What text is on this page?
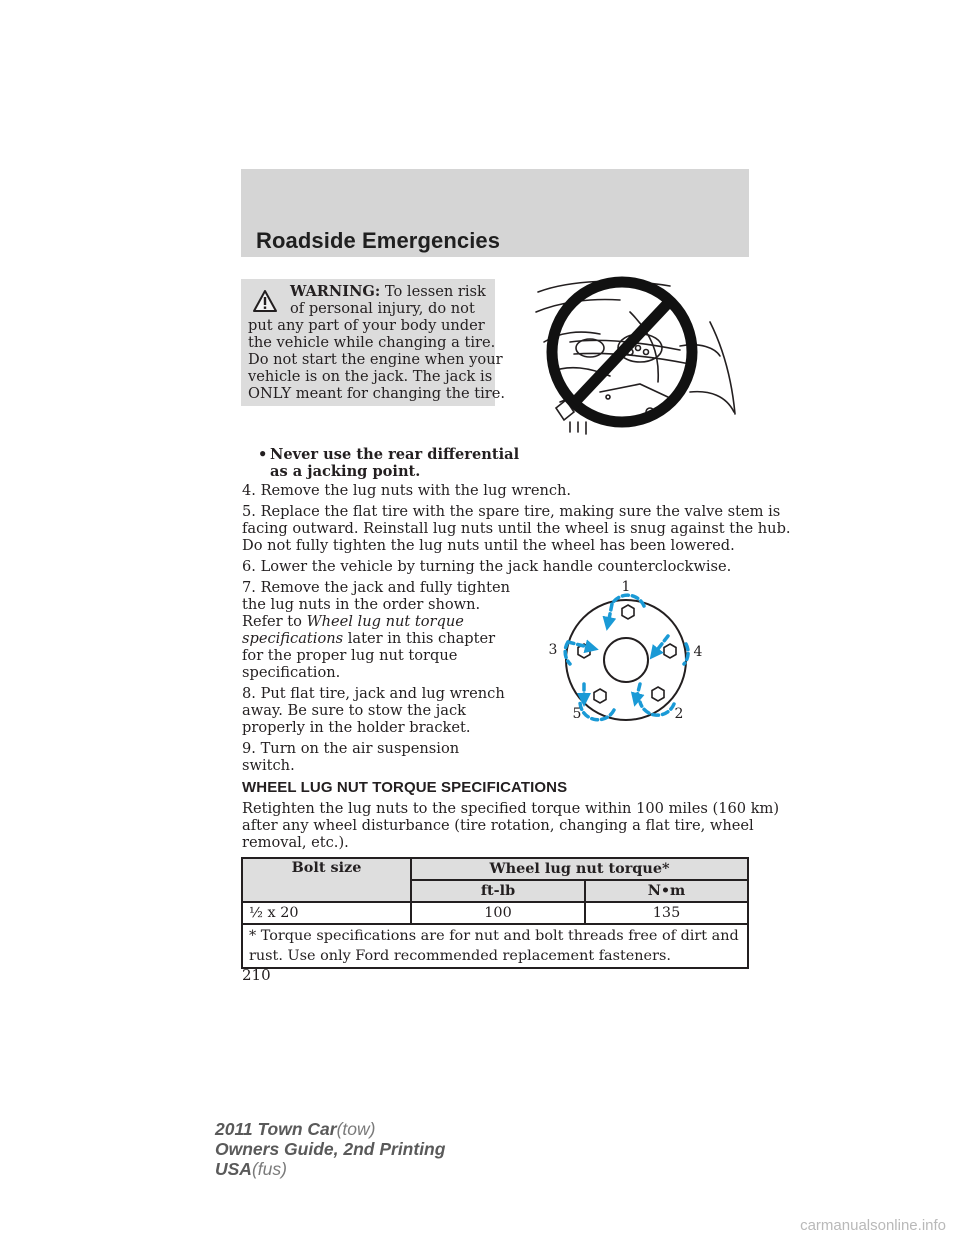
Roadside Emergencies
WARNING: To lessen risk
of personal injury, do not
put any part of your body under
the vehicle while changing a tire.
Do not start the engine when your
vehicle is on the jack. The jack is
ONLY meant for changing the tire.
• Never use the rear differential
as a jacking point.
4. Remove the lug nuts with the lug wrench.
5. Replace the flat tire with the spare tire, making sure the valve stem is
facing outward. Reinstall lug nuts until the wheel is snug against the hub.
Do not fully tighten the lug nuts until the wheel has been lowered.
6. Lower the vehicle by turning the jack handle counterclockwise.
7. Remove the jack and fully tighten
the lug nuts in the order shown.
Refer to Wheel lug nut torque
specifications later in this chapter
for the proper lug nut torque
specification.
8. Put flat tire, jack and lug wrench
away. Be sure to stow the jack
properly in the holder bracket.
9. Turn on the air suspension
switch.
1
4
2
5
3
WHEEL LUG NUT TORQUE SPECIFICATIONS
Retighten the lug nuts to the specified torque within 100 miles (160 km)
after any wheel disturbance (tire rotation, changing a flat tire, wheel
removal, etc.).
Bolt size	Wheel lug nut torque*	
	ft-lb	N•m
½ x 20	100	135

* Torque specifications are for nut and bolt threads free of dirt and
rust. Use only Ford recommended replacement fasteners.		
210
2011 Town Car(tow)
Owners Guide, 2nd Printing
USA(fus)
carmanualsonline.info
